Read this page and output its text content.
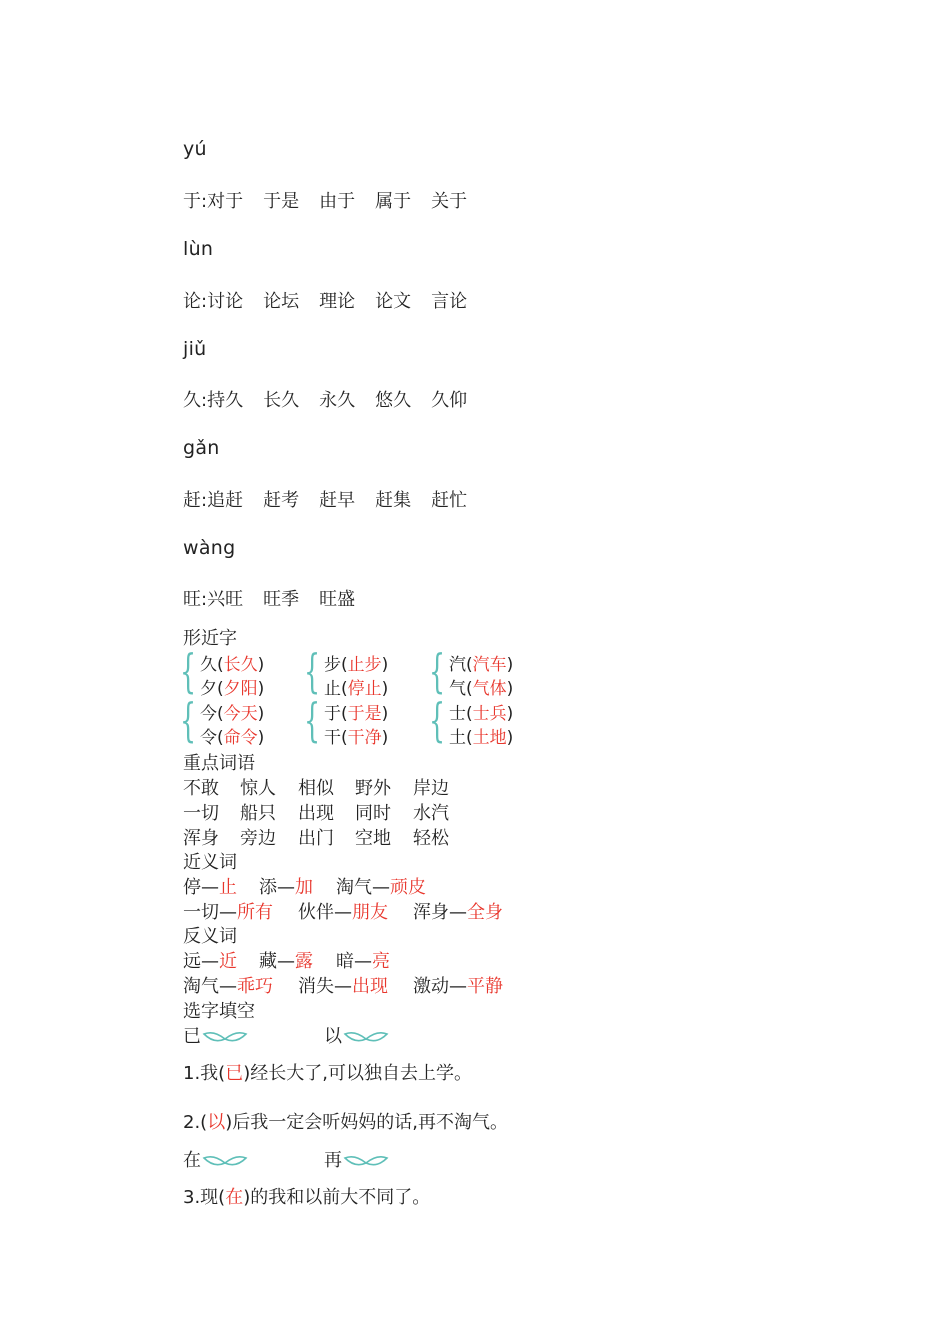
yú
于:对于 于是 由于 属于 关于
lùn
论:讨论 论坛 理论 论文 言论
jiǔ
久:持久 长久 永久 悠久 久仰
gǎn
赶:追赶 赶考 赶早 赶集 赶忙
wàng
旺:兴旺 旺季 旺盛
形近字
{ 久(长久)
夕(夕阳) { 步(止步)
止(停止) { 汽(汽车)
气(气体)
{ 今(今天)
令(命令) { 于(于是)
干(干净) { 士(士兵)
土(土地)
重点词语
不敢 惊人 相似 野外 岸边
一切 船只 出现 同时 水汽
浑身 旁边 出门 空地 轻松
近义词
停—止 添—加 淘气—顽皮
一切—所有 伙伴—朋友 浑身—全身
反义词
远—近 藏—露 暗—亮
淘气—乖巧 消失—出现 激动—平静
选字填空
已	以
1.我(已)经长大了,可以独自去上学。
2.(以)后我一定会听妈妈的话,再不淘气。
在	再
3.现(在)的我和以前大不同了。
